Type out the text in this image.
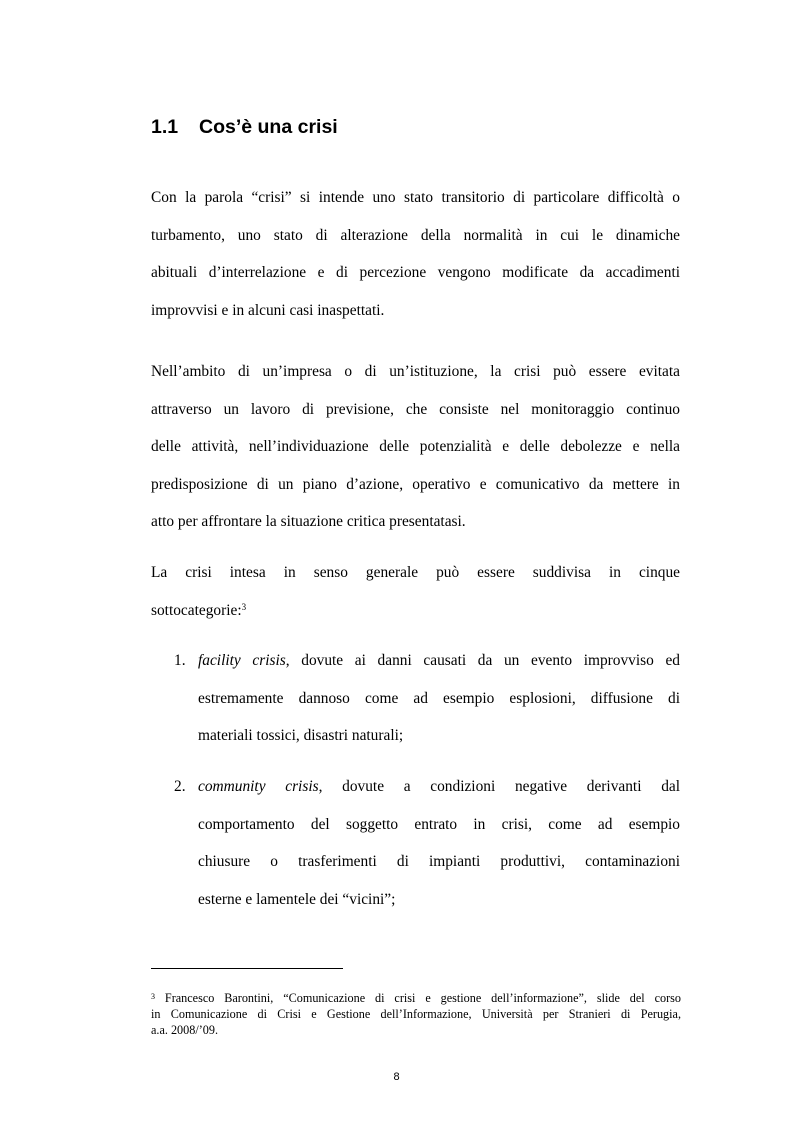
1.1 Cos’è una crisi

Con la parola “crisi” si intende uno stato transitorio di particolare difficoltà o
turbamento, uno stato di alterazione della normalità in cui le dinamiche
abituali d’interrelazione e di percezione vengono modificate da accadimenti
improvvisi e in alcuni casi inaspettati.

Nell’ambito di un’impresa o di un’istituzione, la crisi può essere evitata
attraverso un lavoro di previsione, che consiste nel monitoraggio continuo
delle attività, nell’individuazione delle potenzialità e delle debolezze e nella
predisposizione di un piano d’azione, operativo e comunicativo da mettere in
atto per affrontare la situazione critica presentatasi.

La crisi intesa in senso generale può essere suddivisa in cinque
sottocategorie:$^3$

1. facility crisis, dovute ai danni causati da un evento improvviso ed
estremamente dannoso come ad esempio esplosioni, diffusione di
materiali tossici, disastri naturali;
2. community crisis, dovute a condizioni negative derivanti dal
comportamento del soggetto entrato in crisi, come ad esempio
chiusure o trasferimenti di impianti produttivi, contaminazioni
esterne e lamentele dei “vicini”;

$^3$ Francesco Barontini, “Comunicazione di crisi e gestione dell’informazione”, slide del corso
in Comunicazione di Crisi e Gestione dell’Informazione, Università per Stranieri di Perugia,
a.a. 2008/’09.

8
